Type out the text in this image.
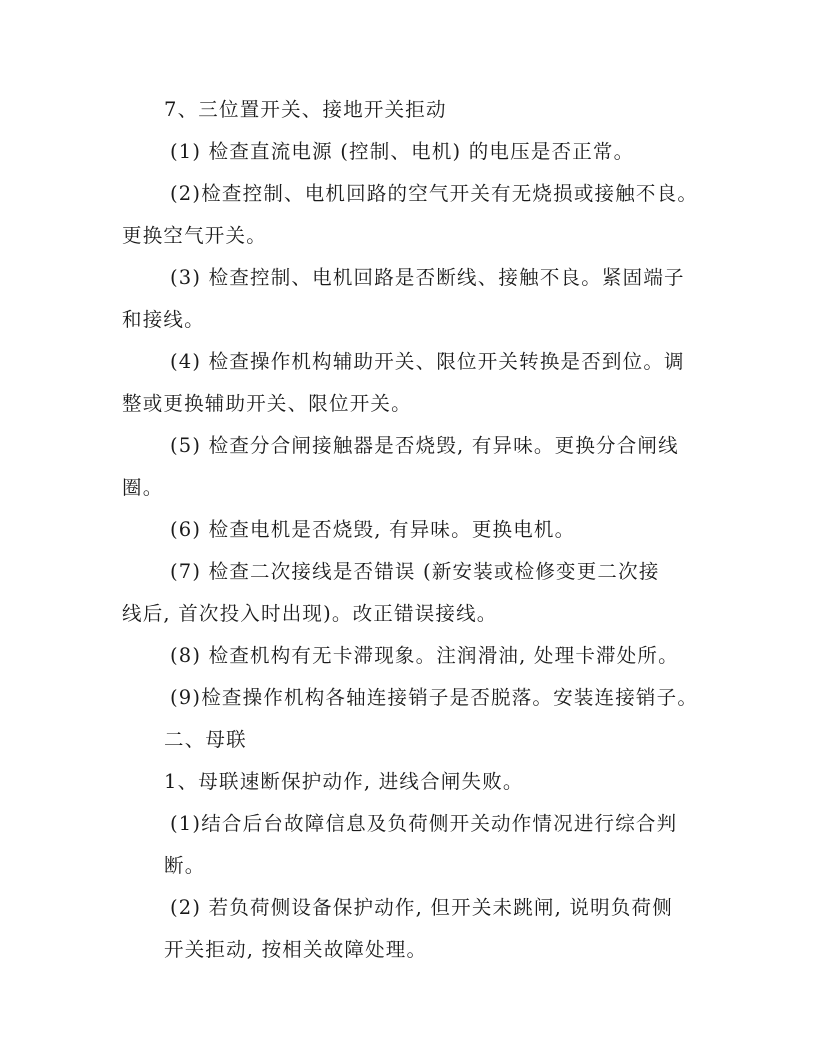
7、三位置开关、接地开关拒动
(1) 检查直流电源 (控制、电机) 的电压是否正常。
(2)检查控制、电机回路的空气开关有无烧损或接触不良。
更换空气开关。
(3) 检查控制、电机回路是否断线、接触不良。紧固端子
和接线。
(4) 检查操作机构辅助开关、限位开关转换是否到位。调
整或更换辅助开关、限位开关。
(5) 检查分合闸接触器是否烧毁, 有异味。更换分合闸线
圈。
(6) 检查电机是否烧毁, 有异味。更换电机。
(7) 检查二次接线是否错误 (新安装或检修变更二次接
线后, 首次投入时出现)。改正错误接线。
(8) 检查机构有无卡滞现象。注润滑油, 处理卡滞处所。
(9)检查操作机构各轴连接销子是否脱落。安装连接销子。
二、母联
1、母联速断保护动作, 进线合闸失败。
(1)结合后台故障信息及负荷侧开关动作情况进行综合判
断。
(2) 若负荷侧设备保护动作, 但开关未跳闸, 说明负荷侧
开关拒动, 按相关故障处理。
